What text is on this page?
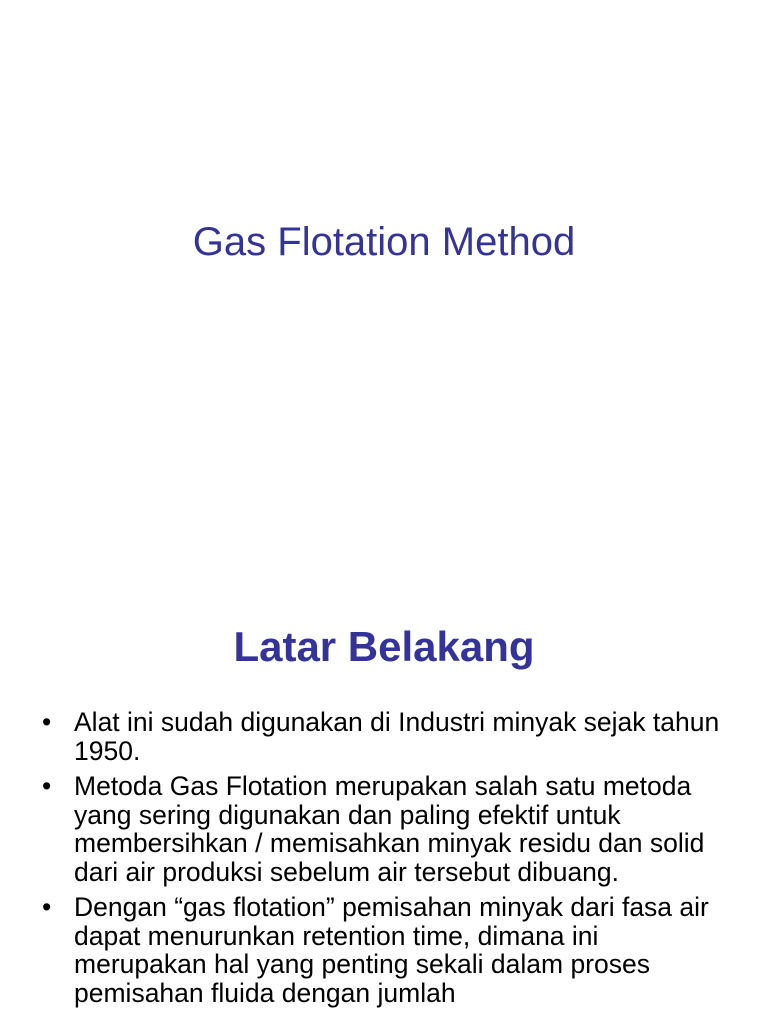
Gas Flotation Method
Latar Belakang
• Alat ini sudah digunakan di Industri minyak sejak tahun 1950.
• Metoda Gas Flotation merupakan salah satu metoda yang sering digunakan dan paling efektif untuk membersihkan / memisahkan minyak residu dan solid dari air produksi sebelum air tersebut dibuang.
• Dengan “gas flotation” pemisahan minyak dari fasa air dapat menurunkan retention time, dimana ini merupakan hal yang penting sekali dalam proses pemisahan fluida dengan jumlah
